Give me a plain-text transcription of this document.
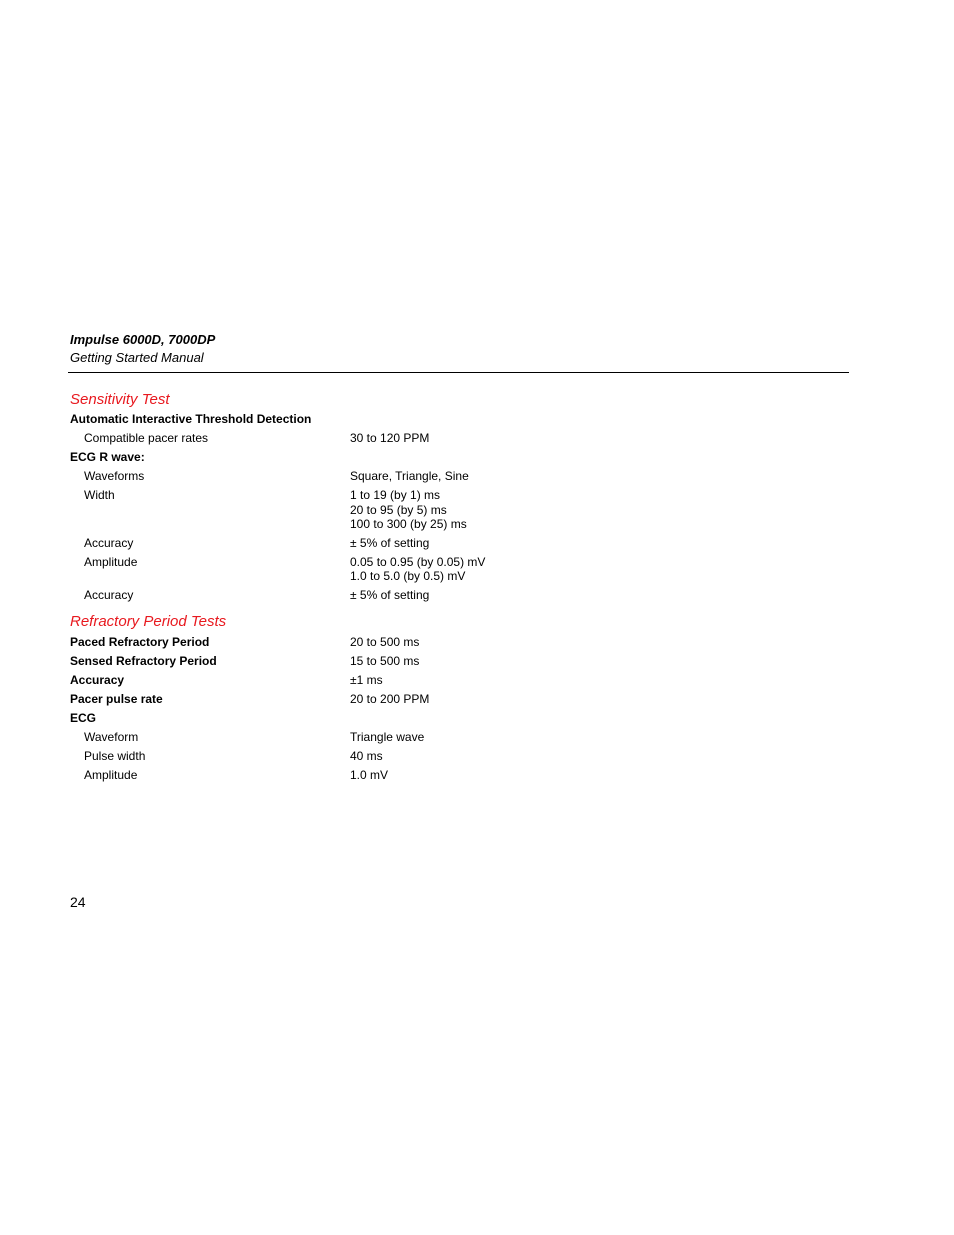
Impulse 6000D, 7000DP
Getting Started Manual
Sensitivity Test
Automatic Interactive Threshold Detection
Compatible pacer rates	30 to 120 PPM
ECG R wave:
Waveforms	Square, Triangle, Sine
Width	1 to 19 (by 1) ms
20 to 95 (by 5) ms
100 to 300 (by 25) ms
Accuracy	± 5% of setting
Amplitude	0.05 to 0.95 (by 0.05) mV
1.0 to 5.0 (by 0.5) mV
Accuracy	± 5% of setting
Refractory Period Tests
Paced Refractory Period	20 to 500 ms
Sensed Refractory Period	15 to 500 ms
Accuracy	±1 ms
Pacer pulse rate	20 to 200 PPM
ECG
Waveform	Triangle wave
Pulse width	40 ms
Amplitude	1.0 mV
24
